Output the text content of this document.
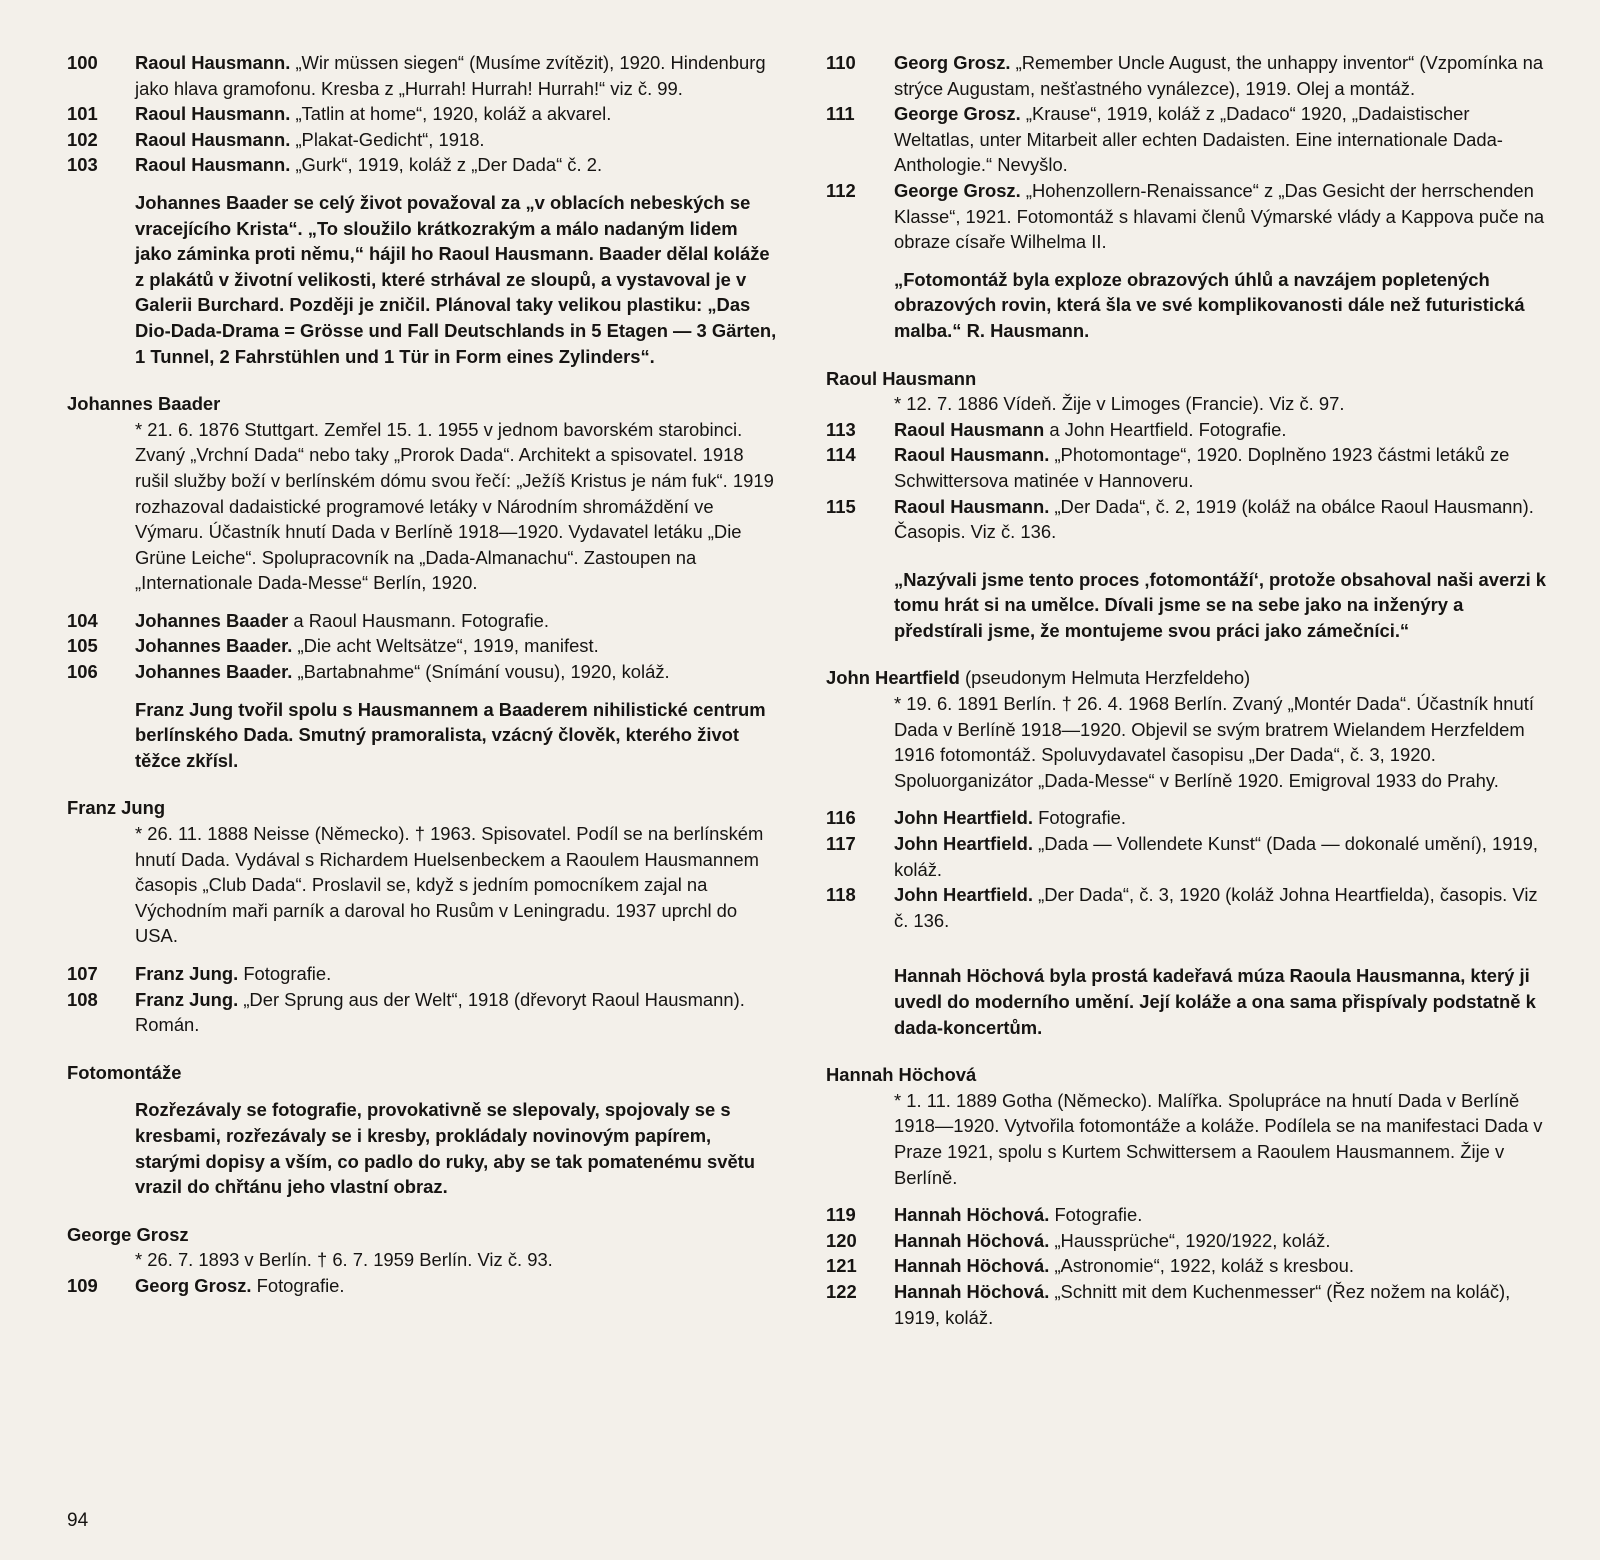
100	Raoul Hausmann. „Wir müssen siegen“ (Musíme zvítězit), 1920. Hindenburg jako hlava gramofonu. Kresba z „Hurrah! Hurrah! Hurrah!“ viz č. 99.
101	Raoul Hausmann. „Tatlin at home“, 1920, koláž a akvarel.
102	Raoul Hausmann. „Plakat-Gedicht“, 1918.
103	Raoul Hausmann. „Gurk“, 1919, koláž z „Der Dada“ č. 2.
Johannes Baader se celý život považoval za „v oblacích nebeských se vracejícího Krista“. „To sloužilo krátkozrakým a málo nadaným lidem jako záminka proti němu,“ hájil ho Raoul Hausmann. Baader dělal koláže z plakátů v životní velikosti, které strhával ze sloupů, a vystavoval je v Galerii Burchard. Později je zničil. Plánoval taky velikou plastiku: „Das Dio-Dada-Drama = Grösse und Fall Deutschlands in 5 Etagen — 3 Gärten, 1 Tunnel, 2 Fahrstühlen und 1 Tür in Form eines Zylinders“.
Johannes Baader
* 21. 6. 1876 Stuttgart. Zemřel 15. 1. 1955 v jednom bavorském starobinci. Zvaný „Vrchní Dada“ nebo taky „Prorok Dada“. Architekt a spisovatel. 1918 rušil služby boží v berlínském dómu svou řečí: „Ježíš Kristus je nám fuk“. 1919 rozhazoval dadaistické programové letáky v Národním shromáždění ve Výmaru. Účastník hnutí Dada v Berlíně 1918—1920. Vydavatel letáku „Die Grüne Leiche“. Spolupracovník na „Dada-Almanachu“. Zastoupen na „Internationale Dada-Messe“ Berlín, 1920.
104	Johannes Baader a Raoul Hausmann. Fotografie.
105	Johannes Baader. „Die acht Weltsätze“, 1919, manifest.
106	Johannes Baader. „Bartabnahme“ (Snímání vousu), 1920, koláž.
Franz Jung tvořil spolu s Hausmannem a Baaderem nihilistické centrum berlínského Dada. Smutný pramoralista, vzácný člověk, kterého život těžce zkřísl.
Franz Jung
* 26. 11. 1888 Neisse (Německo). † 1963. Spisovatel. Podíl se na berlínském hnutí Dada. Vydával s Richardem Huelsenbeckem a Raoulem Hausmannem časopis „Club Dada“. Proslavil se, když s jedním pomocníkem zajal na Východním maři parník a daroval ho Rusům v Leningradu. 1937 uprchl do USA.
107	Franz Jung. Fotografie.
108	Franz Jung. „Der Sprung aus der Welt“, 1918 (dřevoryt Raoul Hausmann). Román.
Fotomontáže
Rozřezávaly se fotografie, provokativně se slepovaly, spojovaly se s kresbami, rozřezávaly se i kresby, prokládaly novinovým papírem, starými dopisy a vším, co padlo do ruky, aby se tak pomatenému světu vrazil do chřtánu jeho vlastní obraz.
George Grosz
* 26. 7. 1893 v Berlín. † 6. 7. 1959 Berlín. Viz č. 93.
109	Georg Grosz. Fotografie.
110	Georg Grosz. „Remember Uncle August, the unhappy inventor“ (Vzpomínka na strýce Augustam, nešťastného vynálezce), 1919. Olej a montáž.
111	George Grosz. „Krause“, 1919, koláž z „Dadaco“ 1920, „Dadaistischer Weltatlas, unter Mitarbeit aller echten Dadaisten. Eine internationale Dada-Anthologie.“ Nevyšlo.
112	George Grosz. „Hohenzollern-Renaissance“ z „Das Gesicht der herrschenden Klasse“, 1921. Fotomontáž s hlavami členů Výmarské vlády a Kappova puče na obraze císaře Wilhelma II.
„Fotomontáž byla exploze obrazových úhlů a navzájem popletených obrazových rovin, která šla ve své komplikovanosti dále než futuristická malba.“ R. Hausmann.
Raoul Hausmann
* 12. 7. 1886 Vídeň. Žije v Limoges (Francie). Viz č. 97.
113	Raoul Hausmann a John Heartfield. Fotografie.
114	Raoul Hausmann. „Photomontage“, 1920. Doplněno 1923 částmi letáků ze Schwittersova matinée v Hannoveru.
115	Raoul Hausmann. „Der Dada“, č. 2, 1919 (koláž na obálce Raoul Hausmann). Časopis. Viz č. 136.
„Nazývali jsme tento proces ‚fotomontáží‘, protože obsahoval naši averzi k tomu hrát si na umělce. Dívali jsme se na sebe jako na inženýry a předstírali jsme, že montujeme svou práci jako zámečníci.“
John Heartfield (pseudonym Helmuta Herzfeldeho)
* 19. 6. 1891 Berlín. † 26. 4. 1968 Berlín. Zvaný „Montér Dada“. Účastník hnutí Dada v Berlíně 1918—1920. Objevil se svým bratrem Wielandem Herzfeldem 1916 fotomontáž. Spoluvydavatel časopisu „Der Dada“, č. 3, 1920. Spoluorganizátor „Dada-Messe“ v Berlíně 1920. Emigroval 1933 do Prahy.
116	John Heartfield. Fotografie.
117	John Heartfield. „Dada — Vollendete Kunst“ (Dada — dokonalé umění), 1919, koláž.
118	John Heartfield. „Der Dada“, č. 3, 1920 (koláž Johna Heartfielda), časopis. Viz č. 136.
Hannah Höchová byla prostá kadeřavá múza Raoula Hausmanna, který ji uvedl do moderního umění. Její koláže a ona sama přispívaly podstatně k dada-koncertům.
Hannah Höchová
* 1. 11. 1889 Gotha (Německo). Malířka. Spolupráce na hnutí Dada v Berlíně 1918—1920. Vytvořila fotomontáže a koláže. Podílela se na manifestaci Dada v Praze 1921, spolu s Kurtem Schwittersem a Raoulem Hausmannem. Žije v Berlíně.
119	Hannah Höchová. Fotografie.
120	Hannah Höchová. „Haussprüche“, 1920/1922, koláž.
121	Hannah Höchová. „Astronomie“, 1922, koláž s kresbou.
122	Hannah Höchová. „Schnitt mit dem Kuchenmesser“ (Řez nožem na koláč), 1919, koláž.
94
